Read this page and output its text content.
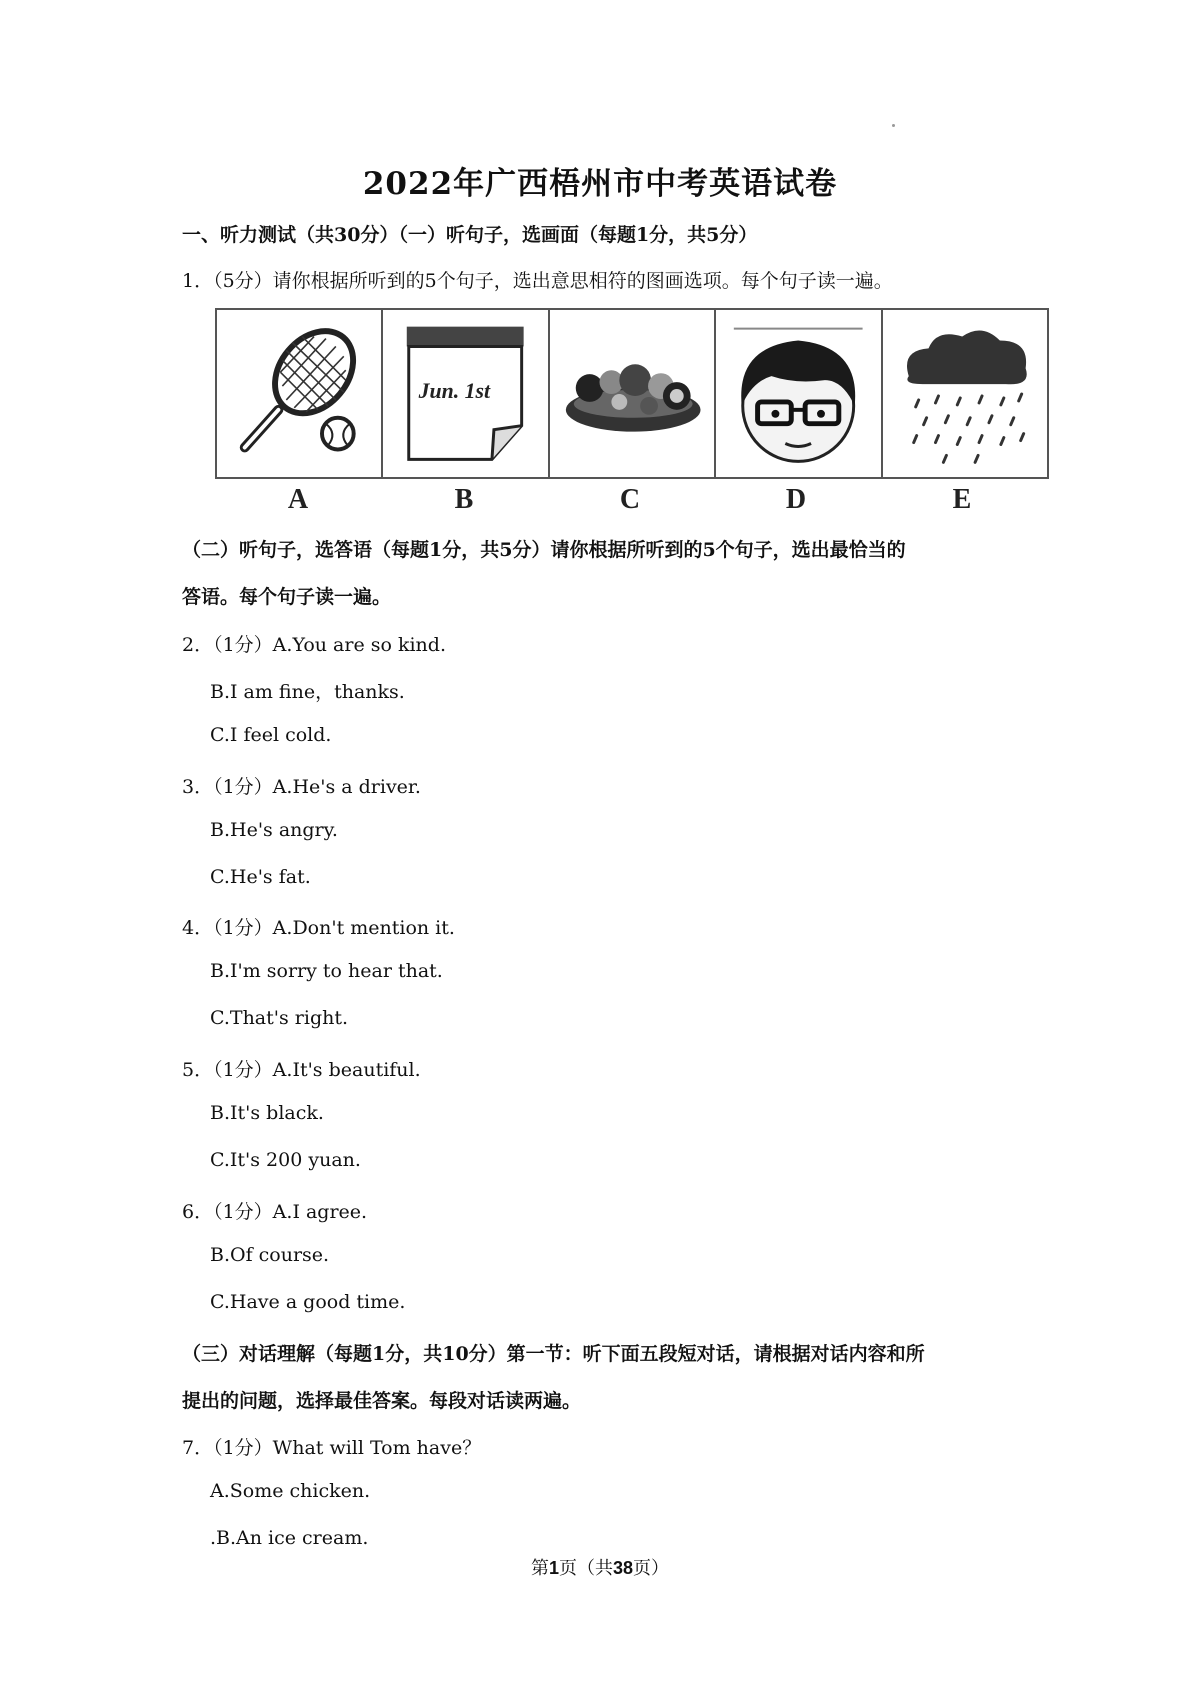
2022年广西梧州市中考英语试卷
一、听力测试（共30分）（一）听句子，选画面（每题1分，共5分）
1．（5分）请你根据所听到的5个句子，选出意思相符的图画选项。每个句子读一遍。
Jun. 1st
A	B	C	D	E
（二）听句子，选答语（每题1分，共5分）请你根据所听到的5个句子，选出最恰当的
答语。每个句子读一遍。
2．（1分）A.You are so kind.
B.I am fine，thanks.
C.I feel cold.
3．（1分）A.He's a driver.
B.He's angry.
C.He's fat.
4．（1分）A.Don't mention it.
B.I'm sorry to hear that.
C.That's right.
5．（1分）A.It's beautiful.
B.It's black.
C.It's 200 yuan.
6．（1分）A.I agree.
B.Of course.
C.Have a good time.
（三）对话理解（每题1分，共10分）第一节：听下面五段短对话，请根据对话内容和所
提出的问题，选择最佳答案。每段对话读两遍。
7．（1分）What will Tom have？
A.Some chicken.
.B.An ice cream.
第1页（共38页）
